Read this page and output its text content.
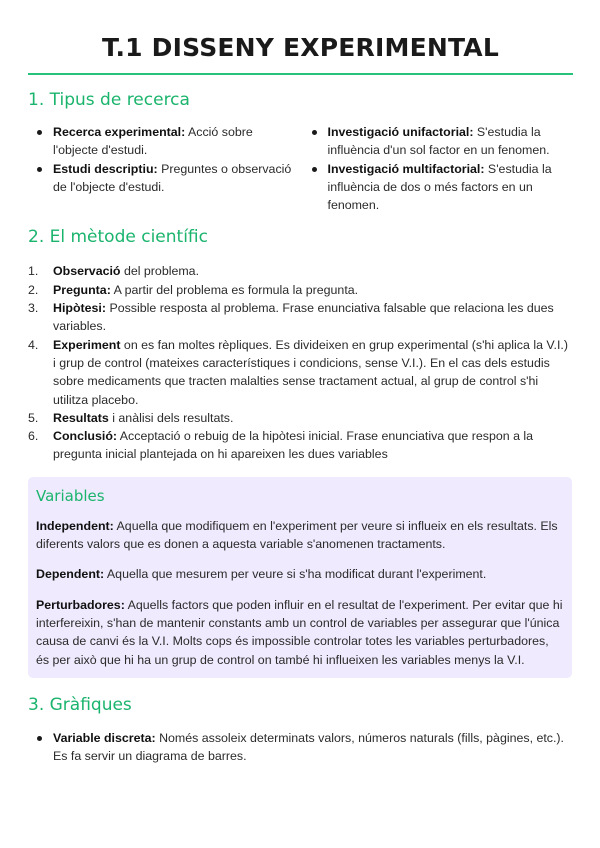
T.1 DISSENY EXPERIMENTAL
1. Tipus de recerca
Recerca experimental: Acció sobre l'objecte d'estudi.
Estudi descriptiu: Preguntes o observació de l'objecte d'estudi.
Investigació unifactorial: S'estudia la influència d'un sol factor en un fenomen.
Investigació multifactorial: S'estudia la influència de dos o més factors en un fenomen.
2. El mètode científic
1. Observació del problema.
2. Pregunta: A partir del problema es formula la pregunta.
3. Hipòtesi: Possible resposta al problema. Frase enunciativa falsable que relaciona les dues variables.
4. Experiment on es fan moltes rèpliques. Es divideixen en grup experimental (s'hi aplica la V.I.) i grup de control (mateixes característiques i condicions, sense V.I.). En el cas dels estudis sobre medicaments que tracten malalties sense tractament actual, al grup de control s'hi utilitza placebo.
5. Resultats i anàlisi dels resultats.
6. Conclusió: Acceptació o rebuig de la hipòtesi inicial. Frase enunciativa que respon a la pregunta inicial plantejada on hi apareixen les dues variables
Variables

Independent: Aquella que modifiquem en l'experiment per veure si influeix en els resultats. Els diferents valors que es donen a aquesta variable s'anomenen tractaments.

Dependent: Aquella que mesurem per veure si s'ha modificat durant l'experiment.

Perturbadores: Aquells factors que poden influir en el resultat de l'experiment. Per evitar que hi interfereixin, s'han de mantenir constants amb un control de variables per assegurar que l'única causa de canvi és la V.I. Molts cops és impossible controlar totes les variables perturbadores, és per això que hi ha un grup de control on també hi influeixen les variables menys la V.I.

3. Gràfiques
Variable discreta: Només assoleix determinats valors, números naturals (fills, pàgines, etc.). Es fa servir un diagrama de barres.
